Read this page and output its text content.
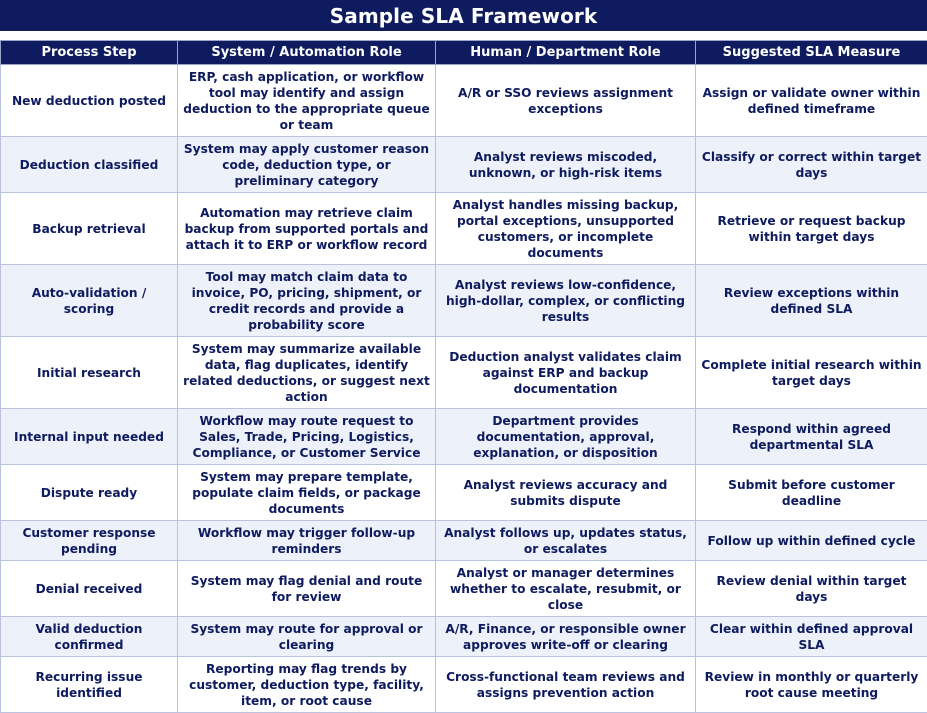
Sample SLA Framework
Process Step	System / Automation Role	Human / Department Role	Suggested SLA Measure
New deduction posted	ERP, cash application, or workflow tool may identify and assign deduction to the appropriate queue or team	A/R or SSO reviews assignment exceptions	Assign or validate owner within defined timeframe
Deduction classified	System may apply customer reason code, deduction type, or preliminary category	Analyst reviews miscoded, unknown, or high-risk items	Classify or correct within target days
Backup retrieval	Automation may retrieve claim backup from supported portals and attach it to ERP or workflow record	Analyst handles missing backup, portal exceptions, unsupported customers, or incomplete documents	Retrieve or request backup within target days
Auto-validation / scoring	Tool may match claim data to invoice, PO, pricing, shipment, or credit records and provide a probability score	Analyst reviews low-confidence, high-dollar, complex, or conflicting results	Review exceptions within defined SLA
Initial research	System may summarize available data, flag duplicates, identify related deductions, or suggest next action	Deduction analyst validates claim against ERP and backup documentation	Complete initial research within target days
Internal input needed	Workflow may route request to Sales, Trade, Pricing, Logistics, Compliance, or Customer Service	Department provides documentation, approval, explanation, or disposition	Respond within agreed departmental SLA
Dispute ready	System may prepare template, populate claim fields, or package documents	Analyst reviews accuracy and submits dispute	Submit before customer deadline
Customer response pending	Workflow may trigger follow-up reminders	Analyst follows up, updates status, or escalates	Follow up within defined cycle
Denial received	System may flag denial and route for review	Analyst or manager determines whether to escalate, resubmit, or close	Review denial within target days
Valid deduction confirmed	System may route for approval or clearing	A/R, Finance, or responsible owner approves write-off or clearing	Clear within defined approval SLA
Recurring issue identified	Reporting may flag trends by customer, deduction type, facility, item, or root cause	Cross-functional team reviews and assigns prevention action	Review in monthly or quarterly root cause meeting
